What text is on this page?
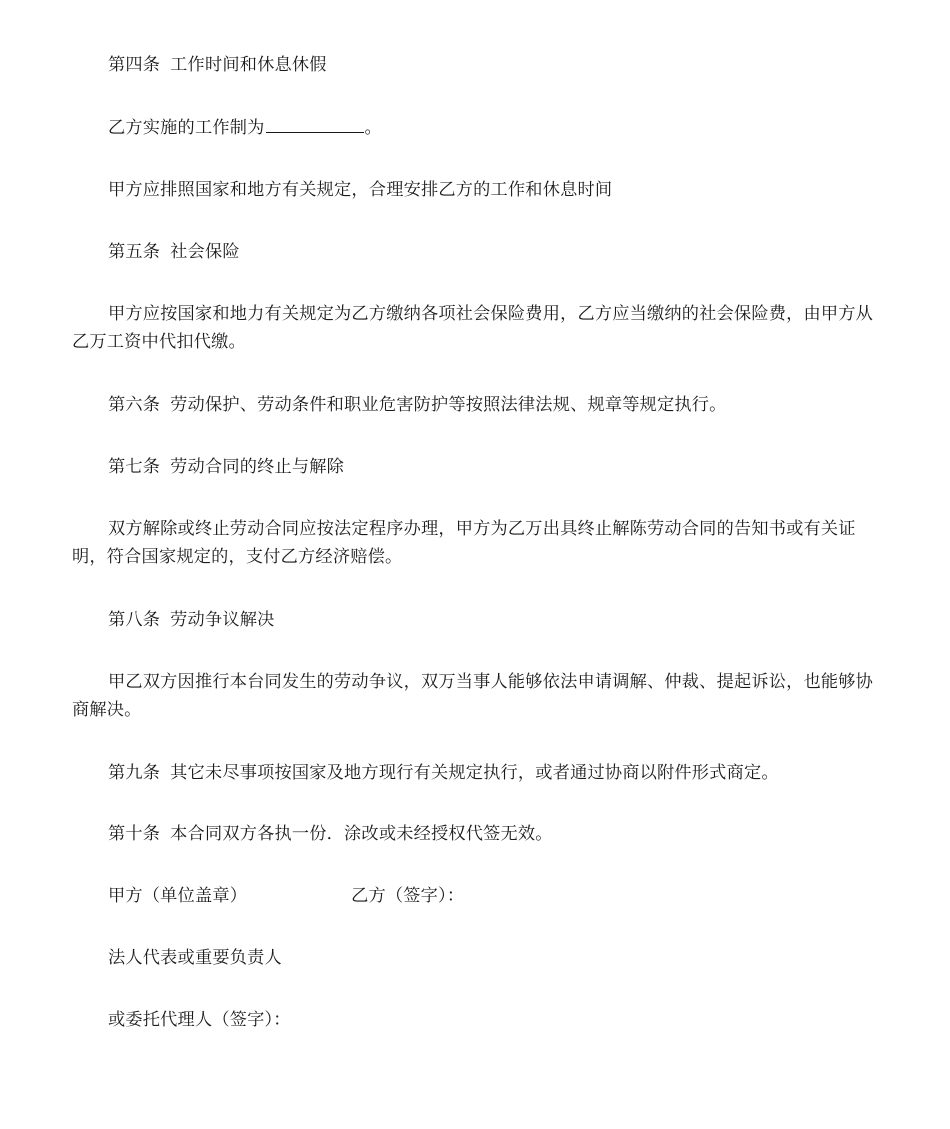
第四条 工作时间和休息休假

乙方实施的工作制为	。

甲方应排照国家和地方有关规定，合理安排乙方的工作和休息时间

第五条 社会保险

甲方应按国家和地力有关规定为乙方缴纳各项社会保险费用，乙方应当缴纳的社会保险费，由甲方从乙万工资中代扣代缴。

第六条 劳动保护、劳动条件和职业危害防护等按照法律法规、规章等规定执行。

第七条 劳动合同的终止与解除

双方解除或终止劳动合同应按法定程序办理，甲方为乙万出具终止解陈劳动合同的告知书或有关证明，符合国家规定的，支付乙方经济赔偿。

第八条 劳动争议解决

甲乙双方因推行本台同发生的劳动争议，双万当事人能够依法申请调解、仲裁、提起诉讼，也能够协商解决。

第九条 其它未尽事项按国家及地方现行有关规定执行，或者通过协商以附件形式商定。

第十条 本合同双方各执一份．涂改或未经授权代签无效。

甲方（单位盖章）	乙方（签字）：

法人代表或重要负责人

或委托代理人（签字）：
